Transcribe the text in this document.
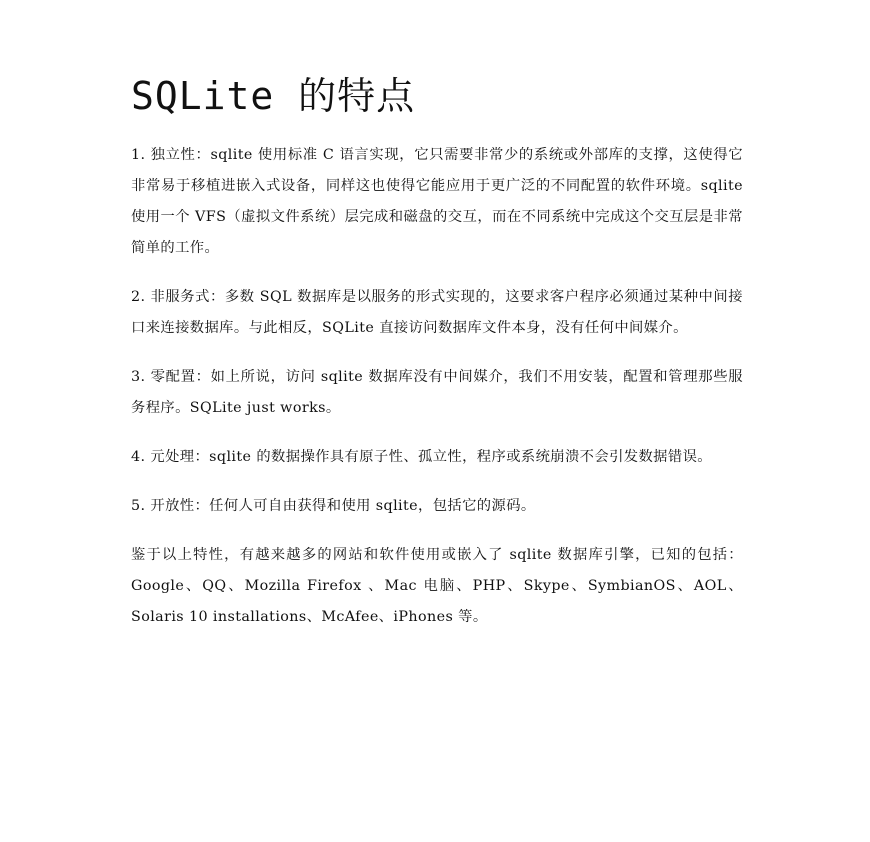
SQLite 的特点

1. 独立性：sqlite 使用标准 C 语言实现，它只需要非常少的系统或外部库的支撑，这使得它非常易于移植进嵌入式设备，同样这也使得它能应用于更广泛的不同配置的软件环境。sqlite 使用一个 VFS（虚拟文件系统）层完成和磁盘的交互，而在不同系统中完成这个交互层是非常简单的工作。

2. 非服务式：多数 SQL 数据库是以服务的形式实现的，这要求客户程序必须通过某种中间接口来连接数据库。与此相反，SQLite 直接访问数据库文件本身，没有任何中间媒介。

3. 零配置：如上所说，访问 sqlite 数据库没有中间媒介，我们不用安装，配置和管理那些服务程序。SQLite just works。

4. 元处理：sqlite 的数据操作具有原子性、孤立性，程序或系统崩溃不会引发数据错误。

5. 开放性：任何人可自由获得和使用 sqlite，包括它的源码。

鉴于以上特性，有越来越多的网站和软件使用或嵌入了 sqlite 数据库引擎，已知的包括：Google、QQ、Mozilla Firefox 、Mac 电脑、PHP、Skype、SymbianOS、AOL、Solaris 10 installations、McAfee、iPhones 等。
